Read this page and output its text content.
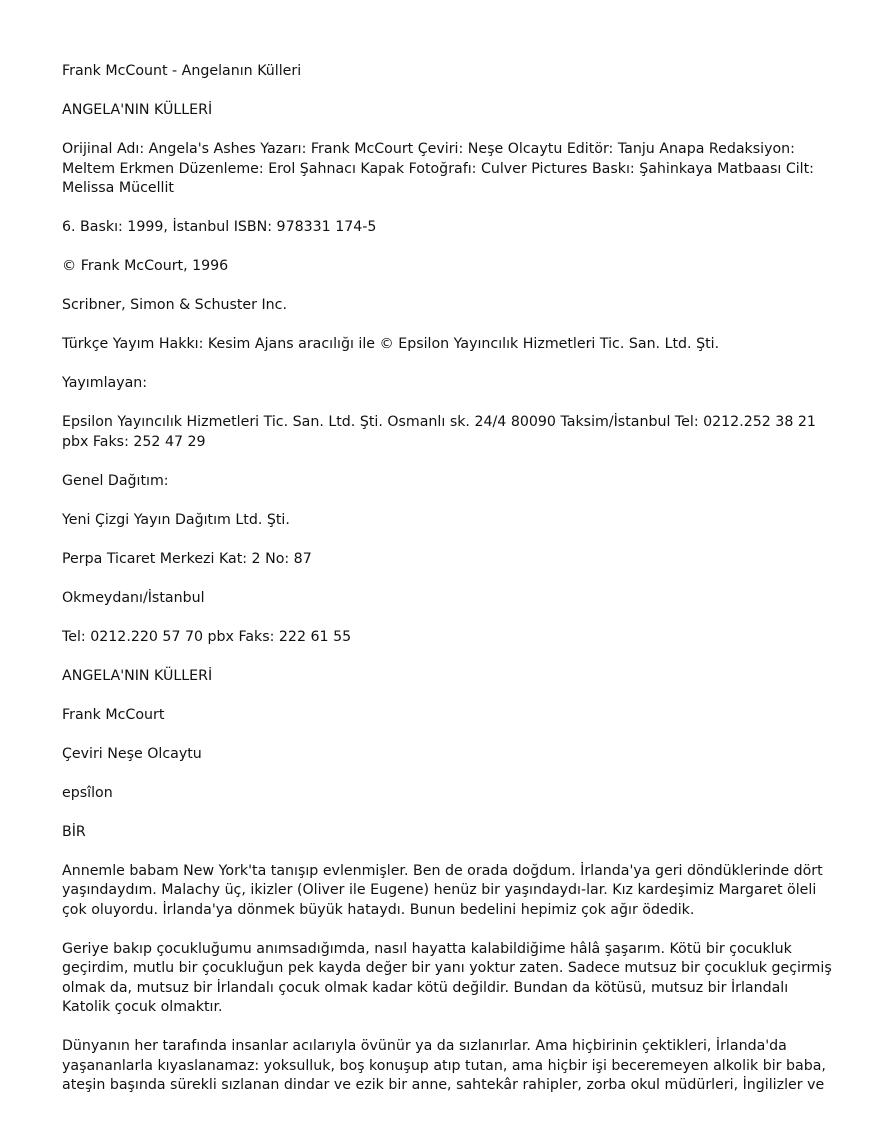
Frank McCount - Angelanın Külleri
ANGELA'NIN KÜLLERİ
Orijinal Adı: Angela's Ashes Yazarı: Frank McCourt Çeviri: Neşe Olcaytu Editör: Tanju Anapa Redaksiyon: Meltem Erkmen Düzenleme: Erol Şahnacı Kapak Fotoğrafı: Culver Pictures Baskı: Şahinkaya Matbaası Cilt: Melissa Mücellit
6. Baskı: 1999, İstanbul ISBN: 978331 174-5
© Frank McCourt, 1996
Scribner, Simon & Schuster Inc.
Türkçe Yayım Hakkı: Kesim Ajans aracılığı ile © Epsilon Yayıncılık Hizmetleri Tic. San. Ltd. Şti.
Yayımlayan:
Epsilon Yayıncılık Hizmetleri Tic. San. Ltd. Şti. Osmanlı sk. 24/4 80090 Taksim/İstanbul Tel: 0212.252 38 21 pbx Faks: 252 47 29
Genel Dağıtım:
Yeni Çizgi Yayın Dağıtım Ltd. Şti.
Perpa Ticaret Merkezi Kat: 2 No: 87
Okmeydanı/İstanbul
Tel: 0212.220 57 70 pbx Faks: 222 61 55
ANGELA'NIN KÜLLERİ
Frank McCourt
Çeviri Neşe Olcaytu
epsîlon
BİR
Annemle babam New York'ta tanışıp evlenmişler. Ben de orada doğdum. İrlanda'ya geri döndüklerinde dört yaşındaydım. Malachy üç, ikizler (Oliver ile Eugene) henüz bir yaşındaydı-lar. Kız kardeşimiz Margaret öleli çok oluyordu. İrlanda'ya dönmek büyük hataydı. Bunun bedelini hepimiz çok ağır ödedik.
Geriye bakıp çocukluğumu anımsadığımda, nasıl hayatta kalabildiğime hâlâ şaşarım. Kötü bir çocukluk geçirdim, mutlu bir çocukluğun pek kayda değer bir yanı yoktur zaten. Sadece mutsuz bir çocukluk geçirmiş olmak da, mutsuz bir İrlandalı çocuk olmak kadar kötü değildir. Bundan da kötüsü, mutsuz bir İrlandalı Katolik çocuk olmaktır.
Dünyanın her tarafında insanlar acılarıyla övünür ya da sızlanırlar. Ama hiçbirinin çektikleri, İrlanda'da yaşananlarla kıyaslanamaz: yoksulluk, boş konuşup atıp tutan, ama hiçbir işi beceremeyen alkolik bir baba, ateşin başında sürekli sızlanan dindar ve ezik bir anne, sahtekâr rahipler, zorba okul müdürleri, İngilizler ve
